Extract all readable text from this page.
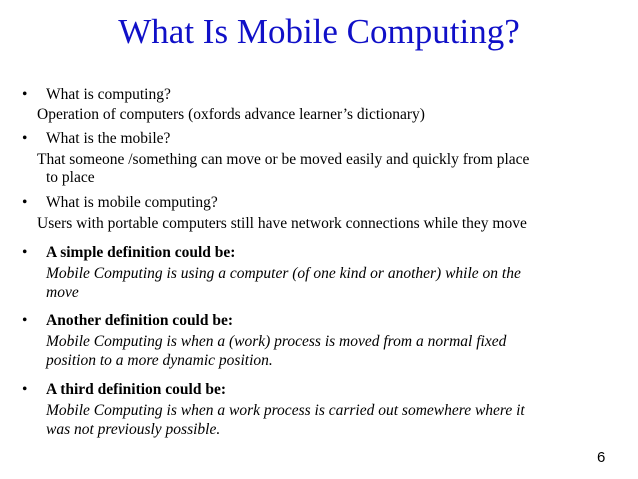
What Is Mobile Computing?
• What is computing?
Operation of computers (oxfords advance learner’s dictionary)
• What is the mobile?
That someone /something can move or be moved easily and quickly from place
to place
• What is mobile computing?
Users with portable computers still have network connections while they move
• A simple definition could be:
Mobile Computing is using a computer (of one kind or another) while on the
move
• Another definition could be:
Mobile Computing is when a (work) process is moved from a normal fixed
position to a more dynamic position.
• A third definition could be:
Mobile Computing is when a work process is carried out somewhere where it
was not previously possible.
6
